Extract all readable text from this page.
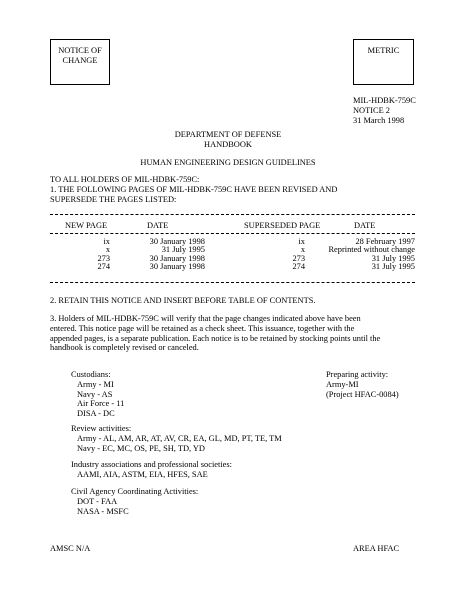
NOTICE OF
CHANGE
METRIC
MIL-HDBK-759C
NOTICE 2
31 March 1998
DEPARTMENT OF DEFENSE
HANDBOOK
HUMAN ENGINEERING DESIGN GUIDELINES
TO ALL HOLDERS OF MIL-HDBK-759C:
1. THE FOLLOWING PAGES OF MIL-HDBK-759C HAVE BEEN REVISED AND
SUPERSEDE THE PAGES LISTED:
NEW PAGE	DATE	SUPERSEDED PAGE	DATE
ix	30 January 1998	ix	28 February 1997
x	31 July 1995	x	Reprinted without change
273	30 January 1998	273	31 July 1995
274	30 January 1998	274	31 July 1995
2. RETAIN THIS NOTICE AND INSERT BEFORE TABLE OF CONTENTS.
3. Holders of MIL-HDBK-759C will verify that the page changes indicated above have been
entered. This notice page will be retained as a check sheet. This issuance, together with the
appended pages, is a separate publication. Each notice is to be retained by stocking points until the
handbook is completely revised or canceled.
Custodians:
Army - MI
Navy - AS
Air Force - 11
DISA - DC
Preparing activity:
Army-MI
(Project HFAC-0084)
Review activities:
Army - AL, AM, AR, AT, AV, CR, EA, GL, MD, PT, TE, TM
Navy - EC, MC, OS, PE, SH, TD, YD
Industry associations and professional societies:
AAMI, AIA, ASTM, EIA, HFES, SAE
Civil Agency Coordinating Activities:
DOT - FAA
NASA - MSFC
AMSC N/A	AREA HFAC
